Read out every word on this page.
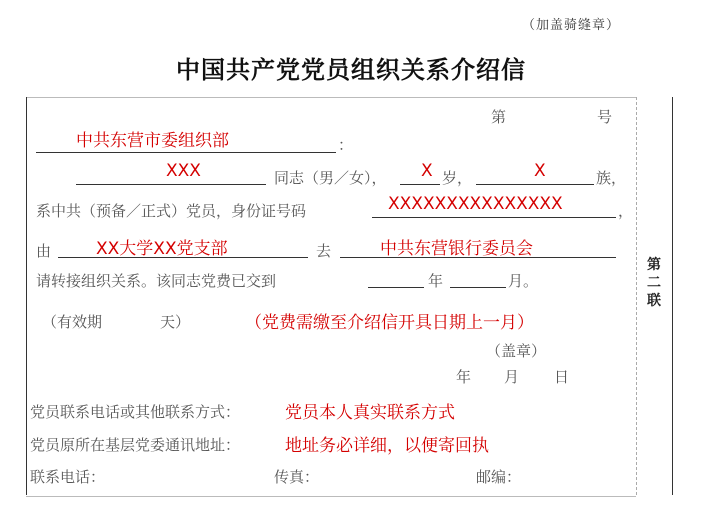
（加盖骑缝章）
中国共产党党员组织关系介绍信
第
二
联
第	号
中共东营市委组织部	：
XXX	同志（男／女）， X 岁，	X	族，
系中共（预备／正式）党员，身份证号码	XXXXXXXXXXXXXXX	，
由	XX大学XX党支部	去	中共东营银行委员会
请转接组织关系。该同志党费已交到	年	月。
（有效期	天）	（党费需缴至介绍信开具日期上一月）
（盖章）
年 月 日
党员联系电话或其他联系方式：	党员本人真实联系方式
党员原所在基层党委通讯地址：	地址务必详细，以便寄回执
联系电话：	传真：	邮编：
